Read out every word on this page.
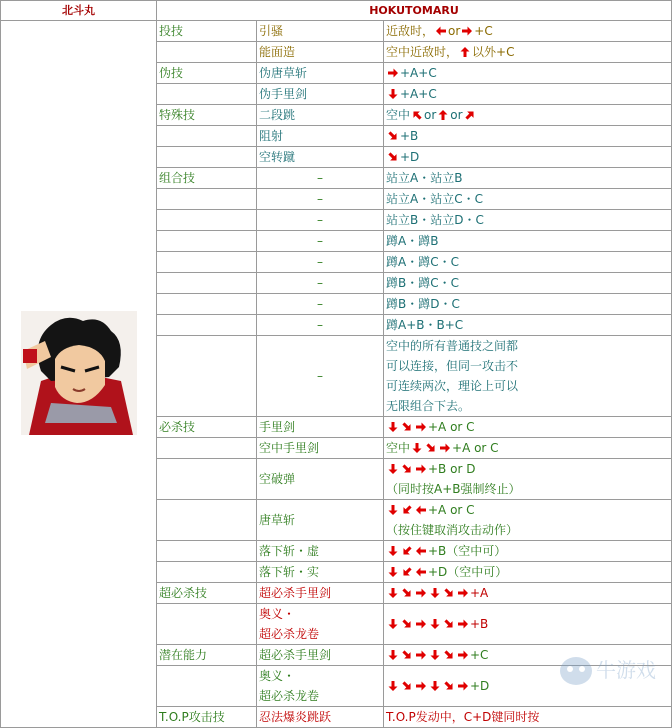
北斗丸	HOKUTOMARU		
	投技	引骚	近敌时， or +C
		能面造	空中近敌时， 以外+C
	伪技	伪唐草斩	+A+C
		伪手里剑	+A+C
	特殊技	二段跳	空中 or or

		阻射	+B
		空转蹴	+D
	组合技	–	站立A・站立B
		–	站立A・站立C・C
		–	站立B・站立D・C
		–	蹲A・蹲B
		–	蹲A・蹲C・C
		–	蹲B・蹲C・C
		–	蹲B・蹲D・C
		–	蹲A+B・B+C
		–	空中的所有普通技之间都
可以连接，但同一攻击不
可连续两次，理论上可以
无限组合下去。

	必杀技	手里剑	+A or C

		空中手里剑	空中 +A or C

		空破弹	+B or D
（同时按A+B强制终止）

		唐草斩	+A or C
（按住键取消攻击动作）

		落下斩・虚	+B（空中可）

		落下斩・实	+D（空中可）

	超必杀技	超必杀手里剑	+A

		奥义・
超必杀龙卷	+B

	潜在能力	超必杀手里剑	+C

		奥义・
超必杀龙卷	+D

	T.O.P攻击技	忍法爆炎跳跃	T.O.P发动中，C+D键同时按
牛游戏
